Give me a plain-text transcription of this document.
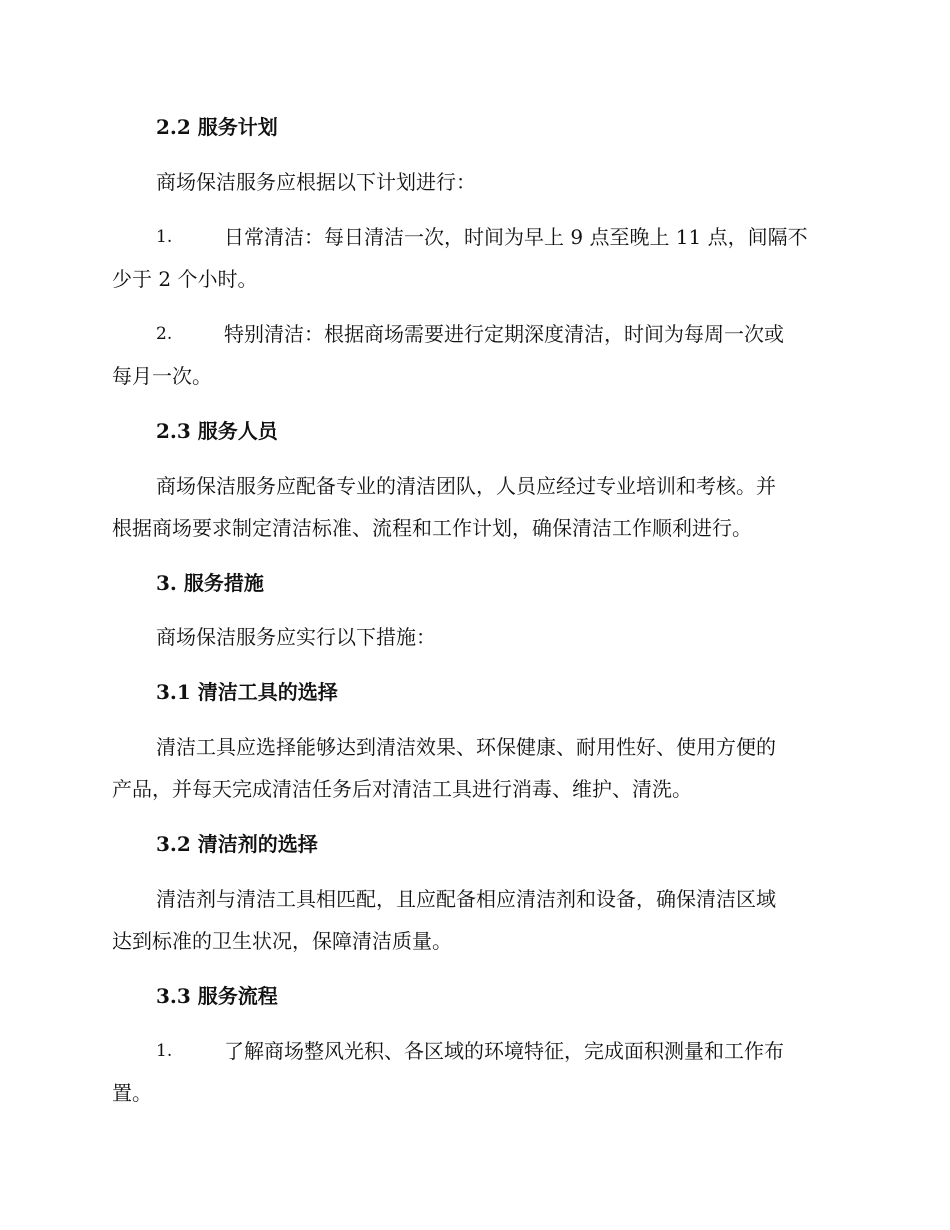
2.2 服务计划
商场保洁服务应根据以下计划进行：
1.	日常清洁：每日清洁一次，时间为早上 9 点至晚上 11 点，间隔不
少于 2 个小时。
2.	特别清洁：根据商场需要进行定期深度清洁，时间为每周一次或
每月一次。
2.3 服务人员
商场保洁服务应配备专业的清洁团队，人员应经过专业培训和考核。并
根据商场要求制定清洁标准、流程和工作计划，确保清洁工作顺利进行。
3. 服务措施
商场保洁服务应实行以下措施：
3.1 清洁工具的选择
清洁工具应选择能够达到清洁效果、环保健康、耐用性好、使用方便的
产品，并每天完成清洁任务后对清洁工具进行消毒、维护、清洗。
3.2 清洁剂的选择
清洁剂与清洁工具相匹配，且应配备相应清洁剂和设备，确保清洁区域
达到标准的卫生状况，保障清洁质量。
3.3 服务流程
1.	了解商场整风光积、各区域的环境特征，完成面积测量和工作布
置。
